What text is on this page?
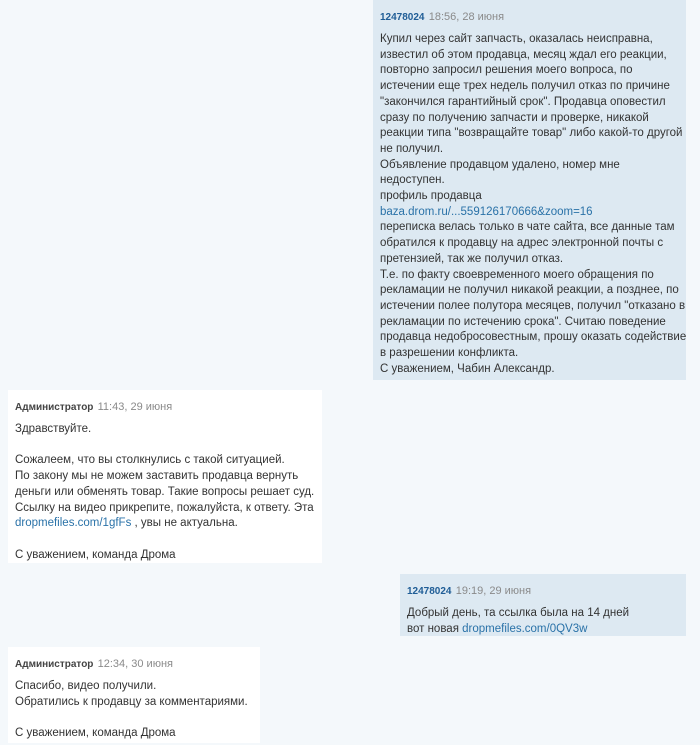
12478024 18:56, 28 июня
Купил через сайт запчасть, оказалась неисправна,
известил об этом продавца, месяц ждал его реакции,
повторно запросил решения моего вопроса, по
истечении еще трех недель получил отказ по причине
"закончился гарантийный срок". Продавца оповестил
сразу по получению запчасти и проверке, никакой
реакции типа "возвращайте товар" либо какой-то другой
не получил.
Объявление продавцом удалено, номер мне
недоступен.
профиль продавца
baza.drom.ru/...559126170666&zoom=16
переписка велась только в чате сайта, все данные там
обратился к продавцу на адрес электронной почты с
претензией, так же получил отказ.
Т.е. по факту своевременного моего обращения по
рекламации не получил никакой реакции, а позднее, по
истечении полее полутора месяцев, получил "отказано в
рекламации по истечению срока". Считаю поведение
продавца недобросовестным, прошу оказать содействие
в разрешении конфликта.
С уважением, Чабин Александр.
Администратор 11:43, 29 июня
Здравствуйте.
Сожалеем, что вы столкнулись с такой ситуацией.
По закону мы не можем заставить продавца вернуть
деньги или обменять товар. Такие вопросы решает суд.
Ссылку на видео прикрепите, пожалуйста, к ответу. Эта
dropmefiles.com/1gfFs , увы не актуальна.
С уважением, команда Дрома
12478024 19:19, 29 июня
Добрый день, та ссылка была на 14 дней
вот новая dropmefiles.com/0QV3w
Администратор 12:34, 30 июня
Спасибо, видео получили.
Обратились к продавцу за комментариями.
С уважением, команда Дрома
